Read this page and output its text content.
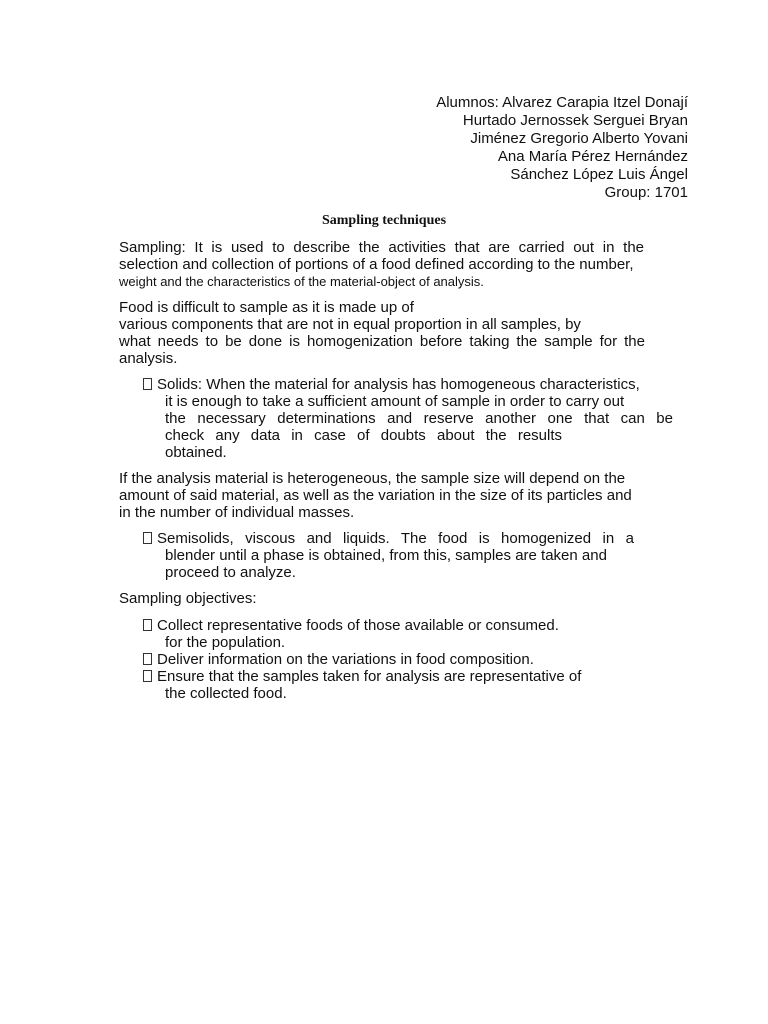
Alumnos: Alvarez Carapia Itzel Donají
Hurtado Jernossek Serguei Bryan
Jiménez Gregorio Alberto Yovani
Ana María Pérez Hernández
Sánchez López Luis Ángel
Group: 1701
Sampling techniques
Sampling: It is used to describe the activities that are carried out in the
selection and collection of portions of a food defined according to the number,
weight and the characteristics of the material-object of analysis.
Food is difficult to sample as it is made up of
various components that are not in equal proportion in all samples, by
what needs to be done is homogenization before taking the sample for the
analysis.
Solids: When the material for analysis has homogeneous characteristics,
it is enough to take a sufficient amount of sample in order to carry out
the necessary determinations and reserve another one that can be
check any data in case of doubts about the results
obtained.
If the analysis material is heterogeneous, the sample size will depend on the
amount of said material, as well as the variation in the size of its particles and
in the number of individual masses.
Semisolids, viscous and liquids. The food is homogenized in a
blender until a phase is obtained, from this, samples are taken and
proceed to analyze.
Sampling objectives:
Collect representative foods of those available or consumed.
for the population.
Deliver information on the variations in food composition.
Ensure that the samples taken for analysis are representative of
the collected food.
